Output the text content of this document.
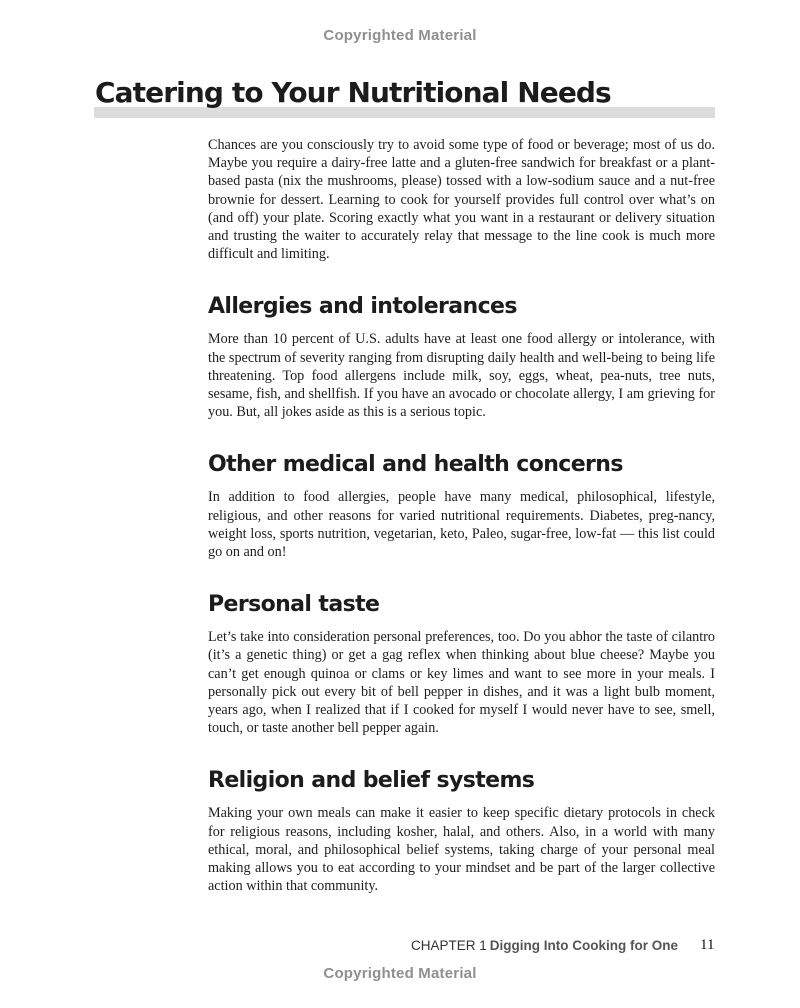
Copyrighted Material
Catering to Your Nutritional Needs

Chances are you consciously try to avoid some type of food or beverage; most of us do. Maybe you require a dairy-free latte and a gluten-free sandwich for breakfast or a plant-based pasta (nix the mushrooms, please) tossed with a low-sodium sauce and a nut-free brownie for dessert. Learning to cook for yourself provides full control over what’s on (and off) your plate. Scoring exactly what you want in a restaurant or delivery situation and trusting the waiter to accurately relay that message to the line cook is much more difficult and limiting.

Allergies and intolerances

More than 10 percent of U.S. adults have at least one food allergy or intolerance, with the spectrum of severity ranging from disrupting daily health and well-being to being life threatening. Top food allergens include milk, soy, eggs, wheat, pea-nuts, tree nuts, sesame, fish, and shellfish. If you have an avocado or chocolate allergy, I am grieving for you. But, all jokes aside as this is a serious topic.

Other medical and health concerns

In addition to food allergies, people have many medical, philosophical, lifestyle, religious, and other reasons for varied nutritional requirements. Diabetes, preg-nancy, weight loss, sports nutrition, vegetarian, keto, Paleo, sugar-free, low-fat — this list could go on and on!

Personal taste

Let’s take into consideration personal preferences, too. Do you abhor the taste of cilantro (it’s a genetic thing) or get a gag reflex when thinking about blue cheese? Maybe you can’t get enough quinoa or clams or key limes and want to see more in your meals. I personally pick out every bit of bell pepper in dishes, and it was a light bulb moment, years ago, when I realized that if I cooked for myself I would never have to see, smell, touch, or taste another bell pepper again.

Religion and belief systems

Making your own meals can make it easier to keep specific dietary protocols in check for religious reasons, including kosher, halal, and others. Also, in a world with many ethical, moral, and philosophical belief systems, taking charge of your personal meal making allows you to eat according to your mindset and be part of the larger collective action within that community.

CHAPTER 1 Digging Into Cooking for One 11
Copyrighted Material
